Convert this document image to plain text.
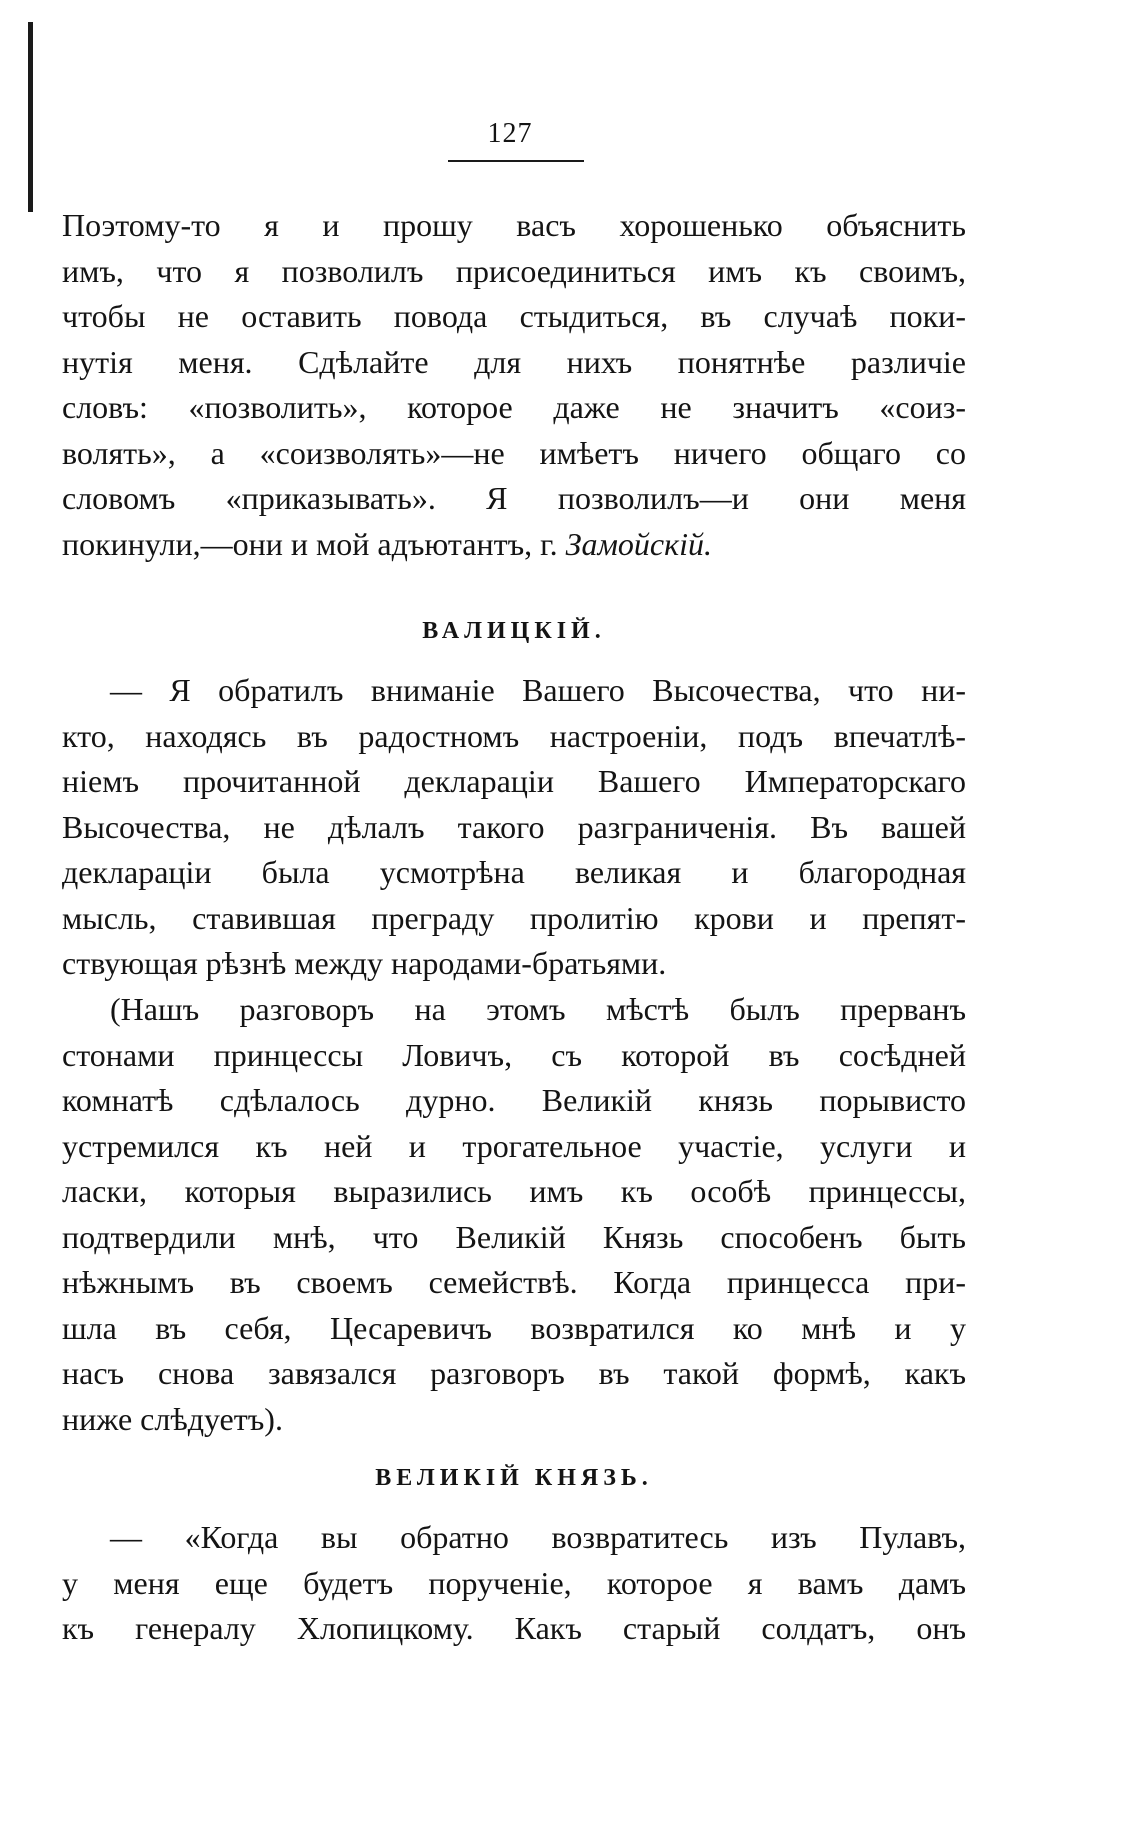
127
Поэтому-то я и прошу васъ хорошенько объяснить
имъ, что я позволилъ присоединиться имъ къ своимъ,
чтобы не оставить повода стыдиться, въ случаѣ поки-
нутія меня. Сдѣлайте для нихъ понятнѣе различіе
словъ: «позволить», которое даже не значитъ «соиз-
волять», а «соизволять»—не имѣетъ ничего общаго со
словомъ «приказывать». Я позволилъ—и они меня
покинули,—они и мой адъютантъ, г. Замойскій.
ВАЛИЦКІЙ.
— Я обратилъ вниманіе Вашего Высочества, что ни-
кто, находясь въ радостномъ настроеніи, подъ впечатлѣ-
ніемъ прочитанной деклараціи Вашего Императорскаго
Высочества, не дѣлалъ такого разграниченія. Въ вашей
деклараціи была усмотрѣна великая и благородная
мысль, ставившая преграду пролитію крови и препят-
ствующая рѣзнѣ между народами-братьями.
(Нашъ разговоръ на этомъ мѣстѣ былъ прерванъ
стонами принцессы Ловичъ, съ которой въ сосѣдней
комнатѣ сдѣлалось дурно. Великій князь порывисто
устремился къ ней и трогательное участіе, услуги и
ласки, которыя выразились имъ къ особѣ принцессы,
подтвердили мнѣ, что Великій Князь способенъ быть
нѣжнымъ въ своемъ семействѣ. Когда принцесса при-
шла въ себя, Цесаревичъ возвратился ко мнѣ и у
насъ снова завязался разговоръ въ такой формѣ, какъ
ниже слѣдуетъ).
ВЕЛИКІЙ КНЯЗЬ.
— «Когда вы обратно возвратитесь изъ Пулавъ,
у меня еще будетъ порученіе, которое я вамъ дамъ
къ генералу Хлопицкому. Какъ старый солдатъ, онъ
